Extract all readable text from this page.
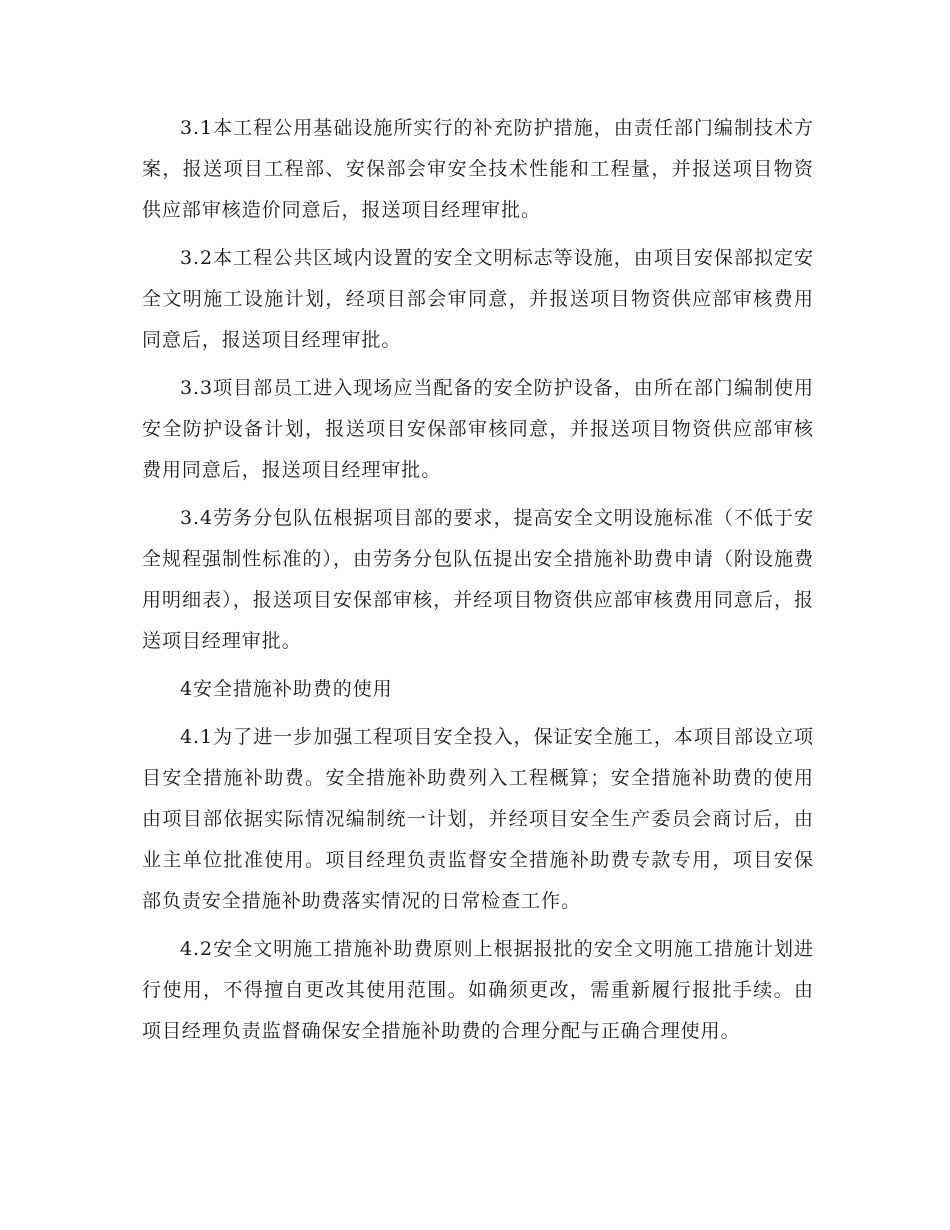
3.1本工程公用基础设施所实行的补充防护措施，由责任部门编制技术方案，报送项目工程部、安保部会审安全技术性能和工程量，并报送项目物资供应部审核造价同意后，报送项目经理审批。

3.2本工程公共区域内设置的安全文明标志等设施，由项目安保部拟定安全文明施工设施计划，经项目部会审同意，并报送项目物资供应部审核费用同意后，报送项目经理审批。

3.3项目部员工进入现场应当配备的安全防护设备，由所在部门编制使用安全防护设备计划，报送项目安保部审核同意，并报送项目物资供应部审核费用同意后，报送项目经理审批。

3.4劳务分包队伍根据项目部的要求，提高安全文明设施标准（不低于安全规程强制性标准的），由劳务分包队伍提出安全措施补助费申请（附设施费用明细表），报送项目安保部审核，并经项目物资供应部审核费用同意后，报送项目经理审批。

4安全措施补助费的使用

4.1为了进一步加强工程项目安全投入，保证安全施工，本项目部设立项目安全措施补助费。安全措施补助费列入工程概算；安全措施补助费的使用由项目部依据实际情况编制统一计划，并经项目安全生产委员会商讨后，由业主单位批准使用。项目经理负责监督安全措施补助费专款专用，项目安保部负责安全措施补助费落实情况的日常检查工作。

4.2安全文明施工措施补助费原则上根据报批的安全文明施工措施计划进行使用，不得擅自更改其使用范围。如确须更改，需重新履行报批手续。由项目经理负责监督确保安全措施补助费的合理分配与正确合理使用。
